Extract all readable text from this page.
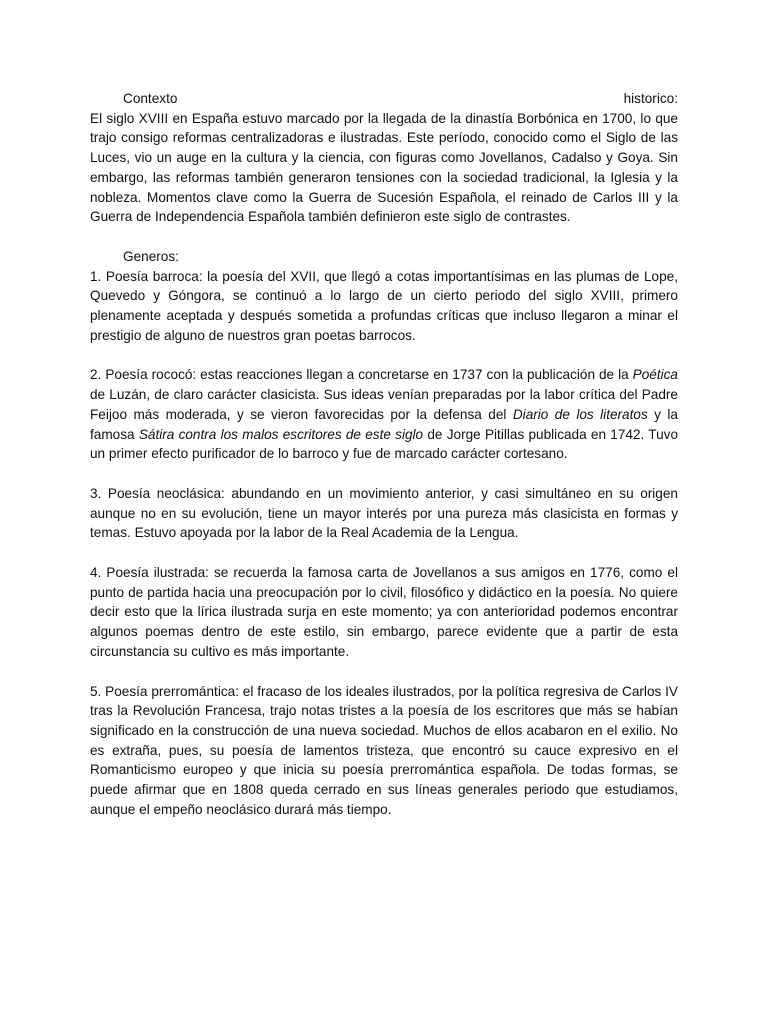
Contexto	historico:

El siglo XVIII en España estuvo marcado por la llegada de la dinastía Borbónica en 1700, lo que trajo consigo reformas centralizadoras e ilustradas. Este período, conocido como el Siglo de las Luces, vio un auge en la cultura y la ciencia, con figuras como Jovellanos, Cadalso y Goya. Sin embargo, las reformas también generaron tensiones con la sociedad tradicional, la Iglesia y la nobleza. Momentos clave como la Guerra de Sucesión Española, el reinado de Carlos III y la Guerra de Independencia Española también definieron este siglo de contrastes.

Generos:

1. Poesía barroca: la poesía del XVII, que llegó a cotas importantísimas en las plumas de Lope, Quevedo y Góngora, se continuó a lo largo de un cierto periodo del siglo XVIII, primero plenamente aceptada y después sometida a profundas críticas que incluso llegaron a minar el prestigio de alguno de nuestros gran poetas barrocos.

2. Poesía rococó: estas reacciones llegan a concretarse en 1737 con la publicación de la Poética de Luzán, de claro carácter clasicista. Sus ideas venían preparadas por la labor crítica del Padre Feijoo más moderada, y se vieron favorecidas por la defensa del Diario de los literatos y la famosa Sátira contra los malos escritores de este siglo de Jorge Pitillas publicada en 1742. Tuvo un primer efecto purificador de lo barroco y fue de marcado carácter cortesano.

3. Poesía neoclásica: abundando en un movimiento anterior, y casi simultáneo en su origen aunque no en su evolución, tiene un mayor interés por una pureza más clasicista en formas y temas. Estuvo apoyada por la labor de la Real Academia de la Lengua.

4. Poesía ilustrada: se recuerda la famosa carta de Jovellanos a sus amigos en 1776, como el punto de partida hacia una preocupación por lo civil, filosófico y didáctico en la poesía. No quiere decir esto que la lírica ilustrada surja en este momento; ya con anterioridad podemos encontrar algunos poemas dentro de este estilo, sin embargo, parece evidente que a partir de esta circunstancia su cultivo es más importante.

5. Poesía prerromántica: el fracaso de los ideales ilustrados, por la política regresiva de Carlos IV tras la Revolución Francesa, trajo notas tristes a la poesía de los escritores que más se habían significado en la construcción de una nueva sociedad. Muchos de ellos acabaron en el exilio. No es extraña, pues, su poesía de lamentos tristeza, que encontró su cauce expresivo en el Romanticismo europeo y que inicia su poesía prerromántica española. De todas formas, se puede afirmar que en 1808 queda cerrado en sus líneas generales periodo que estudiamos, aunque el empeño neoclásico durará más tiempo.
